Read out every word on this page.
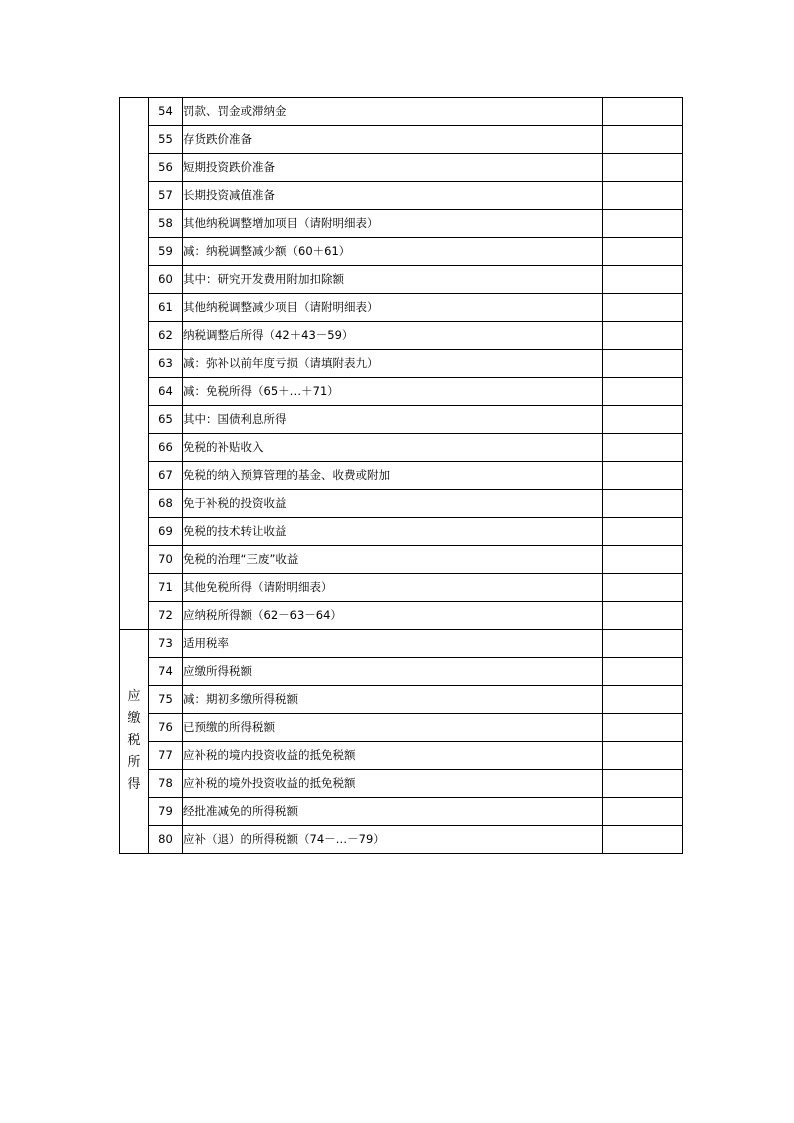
	54	罚款、罚金或滞纳金	
	55	存货跌价准备	
	56	短期投资跌价准备	
	57	长期投资减值准备	
	58	其他纳税调整增加项目（请附明细表）	
	59	减：纳税调整减少额（60＋61）	
	60	其中：研究开发费用附加扣除额	
	61	其他纳税调整减少项目（请附明细表）	
	62	纳税调整后所得（42＋43－59）	
	63	减：弥补以前年度亏损（请填附表九）	
	64	减：免税所得（65＋…＋71）	
	65	其中：国债利息所得	
	66	免税的补贴收入	
	67	免税的纳入预算管理的基金、收费或附加	
	68	免于补税的投资收益	
	69	免税的技术转让收益	
	70	免税的治理“三废”收益	
	71	其他免税所得（请附明细表）	
	72	应纳税所得额（62－63－64）	
应缴税所得	73	适用税率	
	74	应缴所得税额	
	75	减：期初多缴所得税额	
	76	已预缴的所得税额	
	77	应补税的境内投资收益的抵免税额	
	78	应补税的境外投资收益的抵免税额	
	79	经批准减免的所得税额	
	80	应补（退）的所得税额（74－…－79）	
